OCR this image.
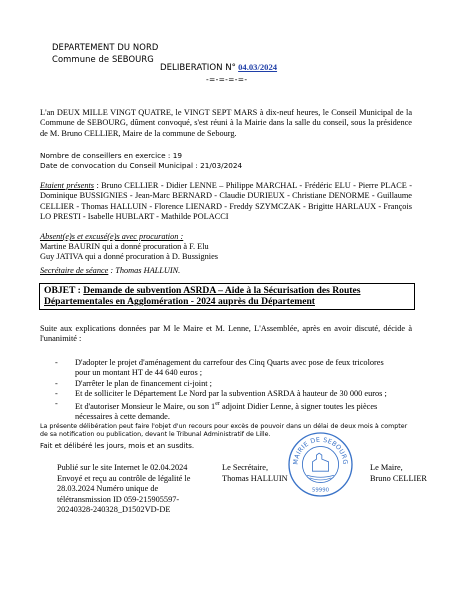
DEPARTEMENT DU NORD
Commune de SEBOURG
DELIBERATION N° 04.03/2024
-=-=-=-=-

L'an DEUX MILLE VINGT QUATRE, le VINGT SEPT MARS à dix-neuf heures, le Conseil Municipal de la Commune de SEBOURG, dûment convoqué, s'est réuni à la Mairie dans la salle du conseil, sous la présidence de M. Bruno CELLIER, Maire de la commune de Sebourg.

Nombre de conseillers en exercice : 19
Date de convocation du Conseil Municipal : 21/03/2024

Etaient présents : Bruno CELLIER - Didier LENNE – Philippe MARCHAL - Frédéric ELU - Pierre PLACE - Dominique BUSSIGNIES - Jean-Marc BERNARD - Claudie DURIEUX - Christiane DENORME - Guillaume CELLIER - Thomas HALLUIN - Florence LIENARD - Freddy SZYMCZAK - Brigitte HARLAUX - François LO PRESTI - Isabelle HUBLART - Mathilde POLACCI

Absent(e)s et excusé(e)s avec procuration :
Martine BAURIN qui a donné procuration à F. Elu
Guy JATIVA qui a donné procuration à D. Bussignies
Secrétaire de séance : Thomas HALLUIN.
OBJET : Demande de subvention ASRDA – Aide à la Sécurisation des Routes Départementales en Agglomération - 2024 auprès du Département

Suite aux explications données par M le Maire et M. Lenne, L'Assemblée, après en avoir discuté, décide à l'unanimité :

- D'adopter le projet d'aménagement du carrefour des Cinq Quarts avec pose de feux tricolores pour un montant HT de 44 640 euros ;
- D'arrêter le plan de financement ci-joint ;
- Et de solliciter le Département Le Nord par la subvention ASRDA à hauteur de 30 000 euros ;
- Et d'autoriser Monsieur le Maire, ou son 1er adjoint Didier Lenne, à signer toutes les pièces nécessaires à cette demande.

La présente délibération peut faire l'objet d'un recours pour excès de pouvoir dans un délai de deux mois à compter de sa notification ou publication, devant le Tribunal Administratif de Lille.

Fait et délibéré les jours, mois et an susdits.

Publié sur le site Internet le 02.04.2024 Envoyé et reçu au contrôle de légalité le 28.03.2024 Numéro unique de télétransmission ID 059-215905597-20240328-240328_D1502VD-DE

Le Secrétaire,
Thomas HALLUIN
Le Maire,
Bruno CELLIER
MAIRIE DE SEBOURG
59990
